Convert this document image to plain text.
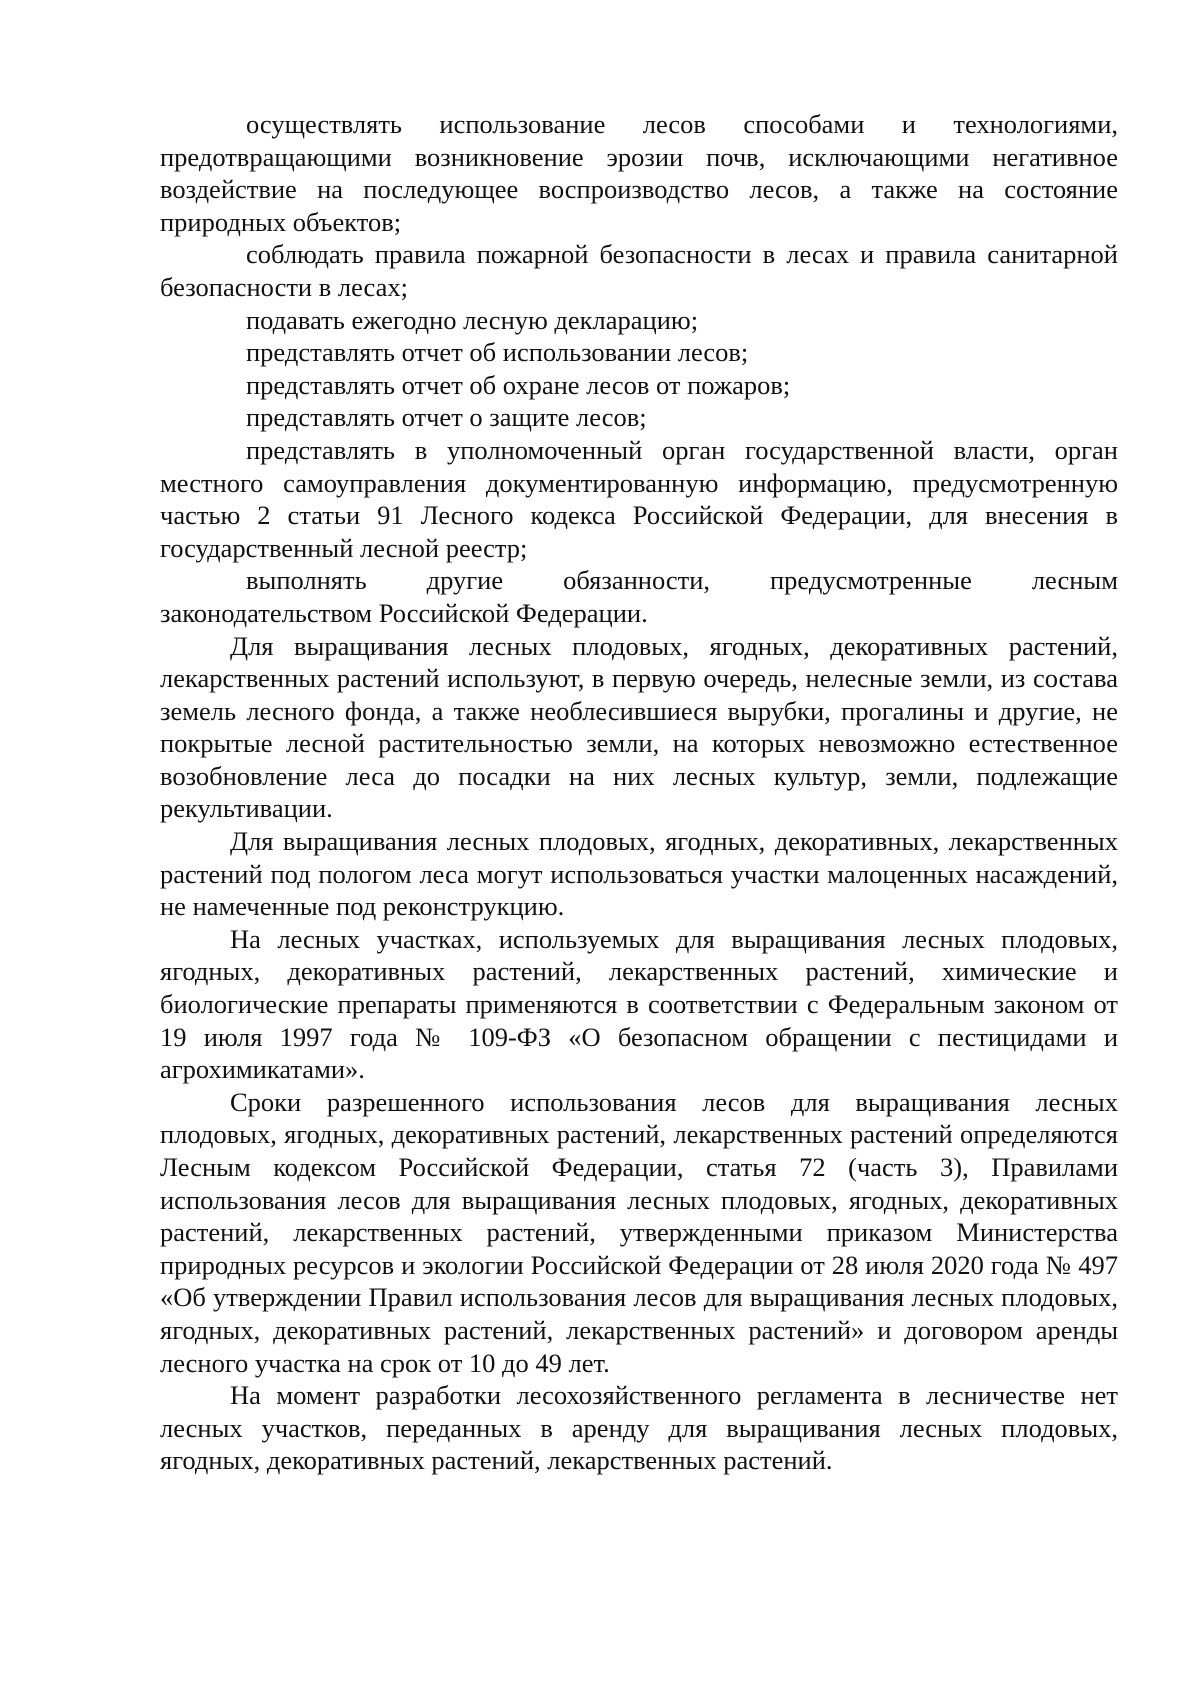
осуществлять использование лесов способами и технологиями, предотвращающими возникновение эрозии почв, исключающими негативное воздействие на последующее воспроизводство лесов, а также на состояние природных объектов;

соблюдать правила пожарной безопасности в лесах и правила санитарной безопасности в лесах;

подавать ежегодно лесную декларацию;

представлять отчет об использовании лесов;

представлять отчет об охране лесов от пожаров;

представлять отчет о защите лесов;

представлять в уполномоченный орган государственной власти, орган местного самоуправления документированную информацию, предусмотренную частью 2 статьи 91 Лесного кодекса Российской Федерации, для внесения в государственный лесной реестр;

выполнять другие обязанности, предусмотренные лесным законодательством Российской Федерации.

Для выращивания лесных плодовых, ягодных, декоративных растений, лекарственных растений используют, в первую очередь, нелесные земли, из состава земель лесного фонда, а также необлесившиеся вырубки, прогалины и другие, не покрытые лесной растительностью земли, на которых невозможно естественное возобновление леса до посадки на них лесных культур, земли, подлежащие рекультивации.

Для выращивания лесных плодовых, ягодных, декоративных, лекарственных растений под пологом леса могут использоваться участки малоценных насаждений, не намеченные под реконструкцию.

На лесных участках, используемых для выращивания лесных плодовых, ягодных, декоративных растений, лекарственных растений, химические и биологические препараты применяются в соответствии с Федеральным законом от 19 июля 1997 года № 109-ФЗ «О безопасном обращении с пестицидами и агрохимикатами».

Сроки разрешенного использования лесов для выращивания лесных плодовых, ягодных, декоративных растений, лекарственных растений определяются Лесным кодексом Российской Федерации, статья 72 (часть 3), Правилами использования лесов для выращивания лесных плодовых, ягодных, декоративных растений, лекарственных растений, утвержденными приказом Министерства природных ресурсов и экологии Российской Федерации от 28 июля 2020 года № 497 «Об утверждении Правил использования лесов для выращивания лесных плодовых, ягодных, декоративных растений, лекарственных растений» и договором аренды лесного участка на срок от 10 до 49 лет.

На момент разработки лесохозяйственного регламента в лесничестве нет лесных участков, переданных в аренду для выращивания лесных плодовых, ягодных, декоративных растений, лекарственных растений.
